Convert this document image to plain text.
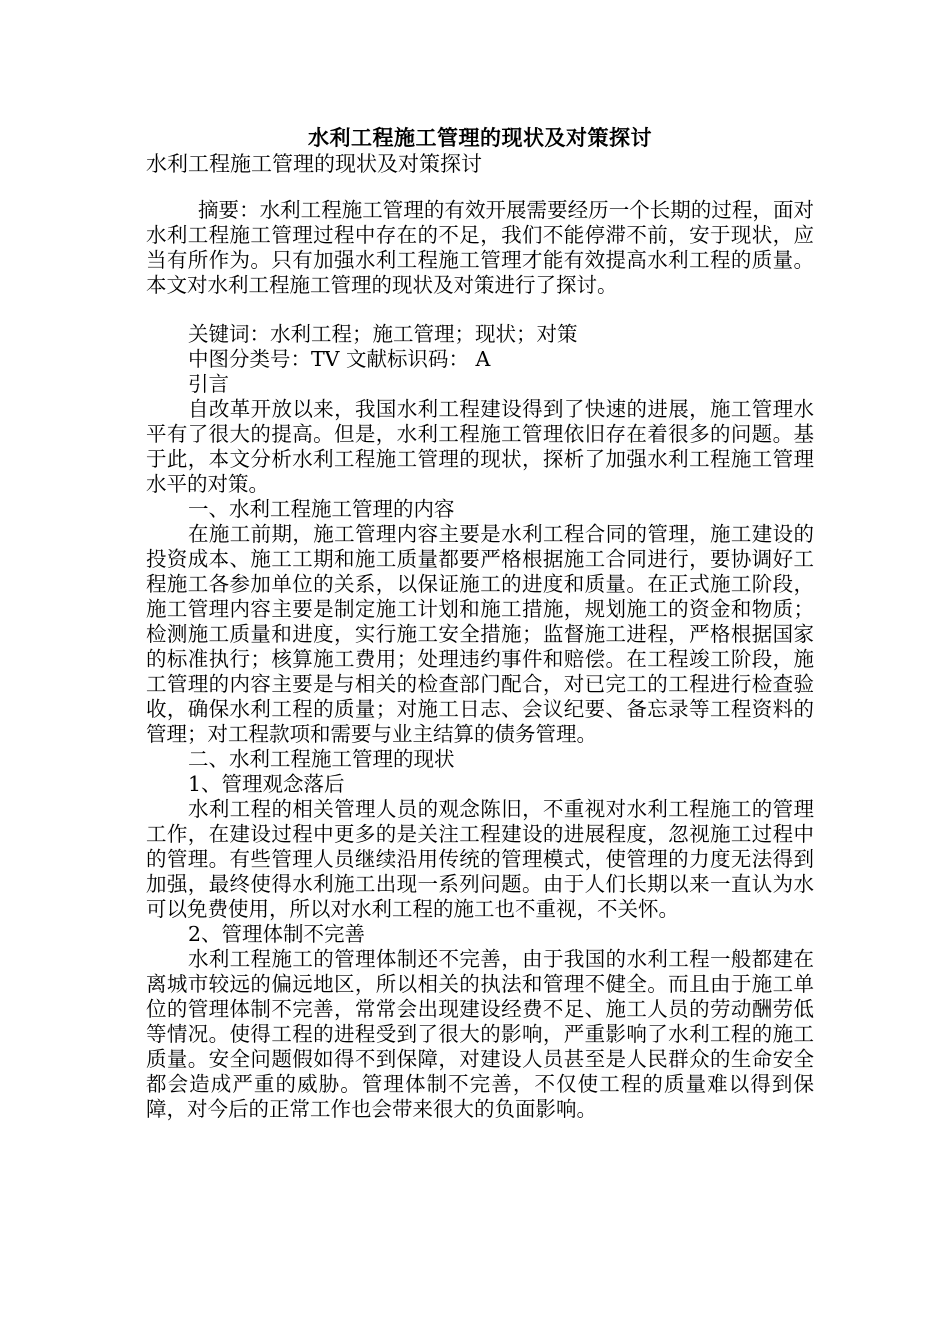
水利工程施工管理的现状及对策探讨

水利工程施工管理的现状及对策探讨

摘要：水利工程施工管理的有效开展需要经历一个长期的过程，面对水利工程施工管理过程中存在的不足，我们不能停滞不前，安于现状，应当有所作为。只有加强水利工程施工管理才能有效提高水利工程的质量。本文对水利工程施工管理的现状及对策进行了探讨。

关键词：水利工程；施工管理；现状；对策

中图分类号：TV 文献标识码： A

引言

自改革开放以来，我国水利工程建设得到了快速的进展，施工管理水平有了很大的提高。但是，水利工程施工管理依旧存在着很多的问题。基于此，本文分析水利工程施工管理的现状，探析了加强水利工程施工管理水平的对策。

一、水利工程施工管理的内容

在施工前期，施工管理内容主要是水利工程合同的管理，施工建设的投资成本、施工工期和施工质量都要严格根据施工合同进行，要协调好工程施工各参加单位的关系，以保证施工的进度和质量。在正式施工阶段，施工管理内容主要是制定施工计划和施工措施，规划施工的资金和物质；检测施工质量和进度，实行施工安全措施；监督施工进程，严格根据国家的标准执行；核算施工费用；处理违约事件和赔偿。在工程竣工阶段，施工管理的内容主要是与相关的检查部门配合，对已完工的工程进行检查验收，确保水利工程的质量；对施工日志、会议纪要、备忘录等工程资料的管理；对工程款项和需要与业主结算的债务管理。

二、水利工程施工管理的现状

1、管理观念落后

水利工程的相关管理人员的观念陈旧，不重视对水利工程施工的管理工作，在建设过程中更多的是关注工程建设的进展程度，忽视施工过程中的管理。有些管理人员继续沿用传统的管理模式，使管理的力度无法得到加强，最终使得水利施工出现一系列问题。由于人们长期以来一直认为水可以免费使用，所以对水利工程的施工也不重视，不关怀。

2、管理体制不完善

水利工程施工的管理体制还不完善，由于我国的水利工程一般都建在离城市较远的偏远地区，所以相关的执法和管理不健全。而且由于施工单位的管理体制不完善，常常会出现建设经费不足、施工人员的劳动酬劳低等情况。使得工程的进程受到了很大的影响，严重影响了水利工程的施工质量。安全问题假如得不到保障，对建设人员甚至是人民群众的生命安全都会造成严重的威胁。管理体制不完善，不仅使工程的质量难以得到保障，对今后的正常工作也会带来很大的负面影响。
